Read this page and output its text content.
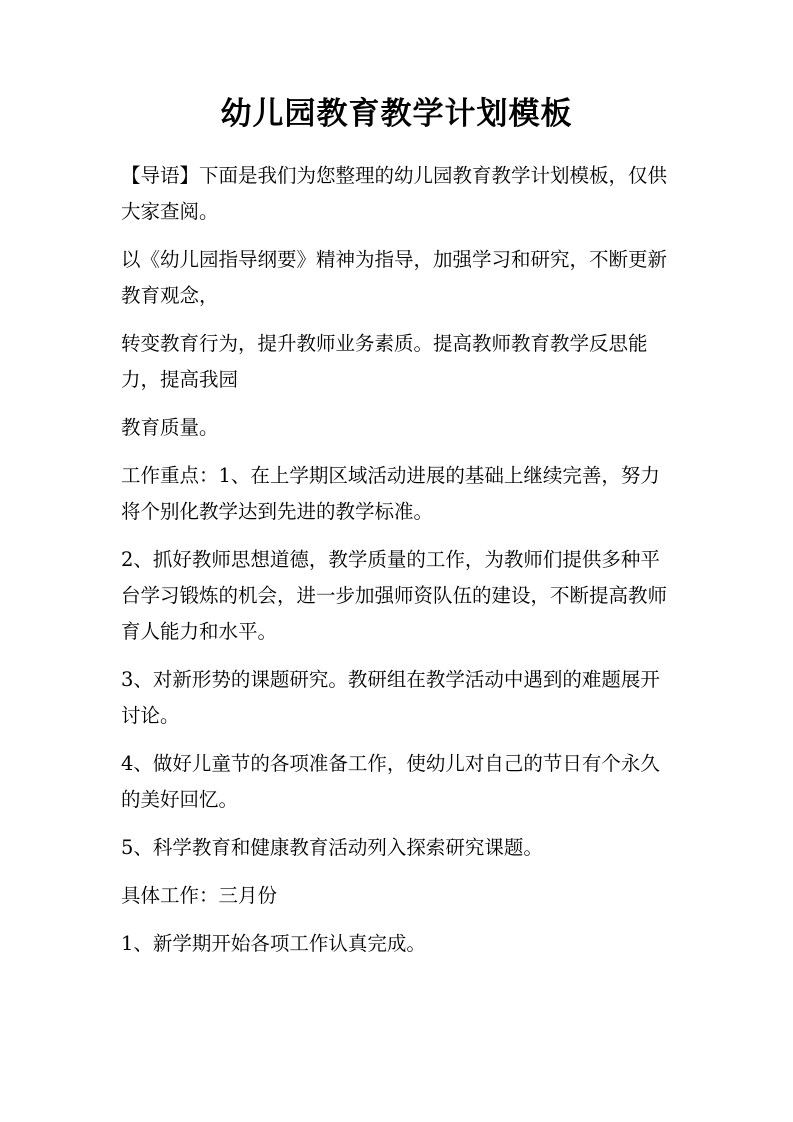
幼儿园教育教学计划模板

【导语】下面是我们为您整理的幼儿园教育教学计划模板，仅供大家查阅。

以《幼儿园指导纲要》精神为指导，加强学习和研究，不断更新教育观念，

转变教育行为，提升教师业务素质。提高教师教育教学反思能力，提高我园

教育质量。

工作重点：1、在上学期区域活动进展的基础上继续完善，努力将个别化教学达到先进的教学标准。

2、抓好教师思想道德，教学质量的工作，为教师们提供多种平台学习锻炼的机会，进一步加强师资队伍的建设，不断提高教师育人能力和水平。

3、对新形势的课题研究。教研组在教学活动中遇到的难题展开讨论。

4、做好儿童节的各项准备工作，使幼儿对自己的节日有个永久的美好回忆。

5、科学教育和健康教育活动列入探索研究课题。

具体工作：三月份

1、新学期开始各项工作认真完成。
